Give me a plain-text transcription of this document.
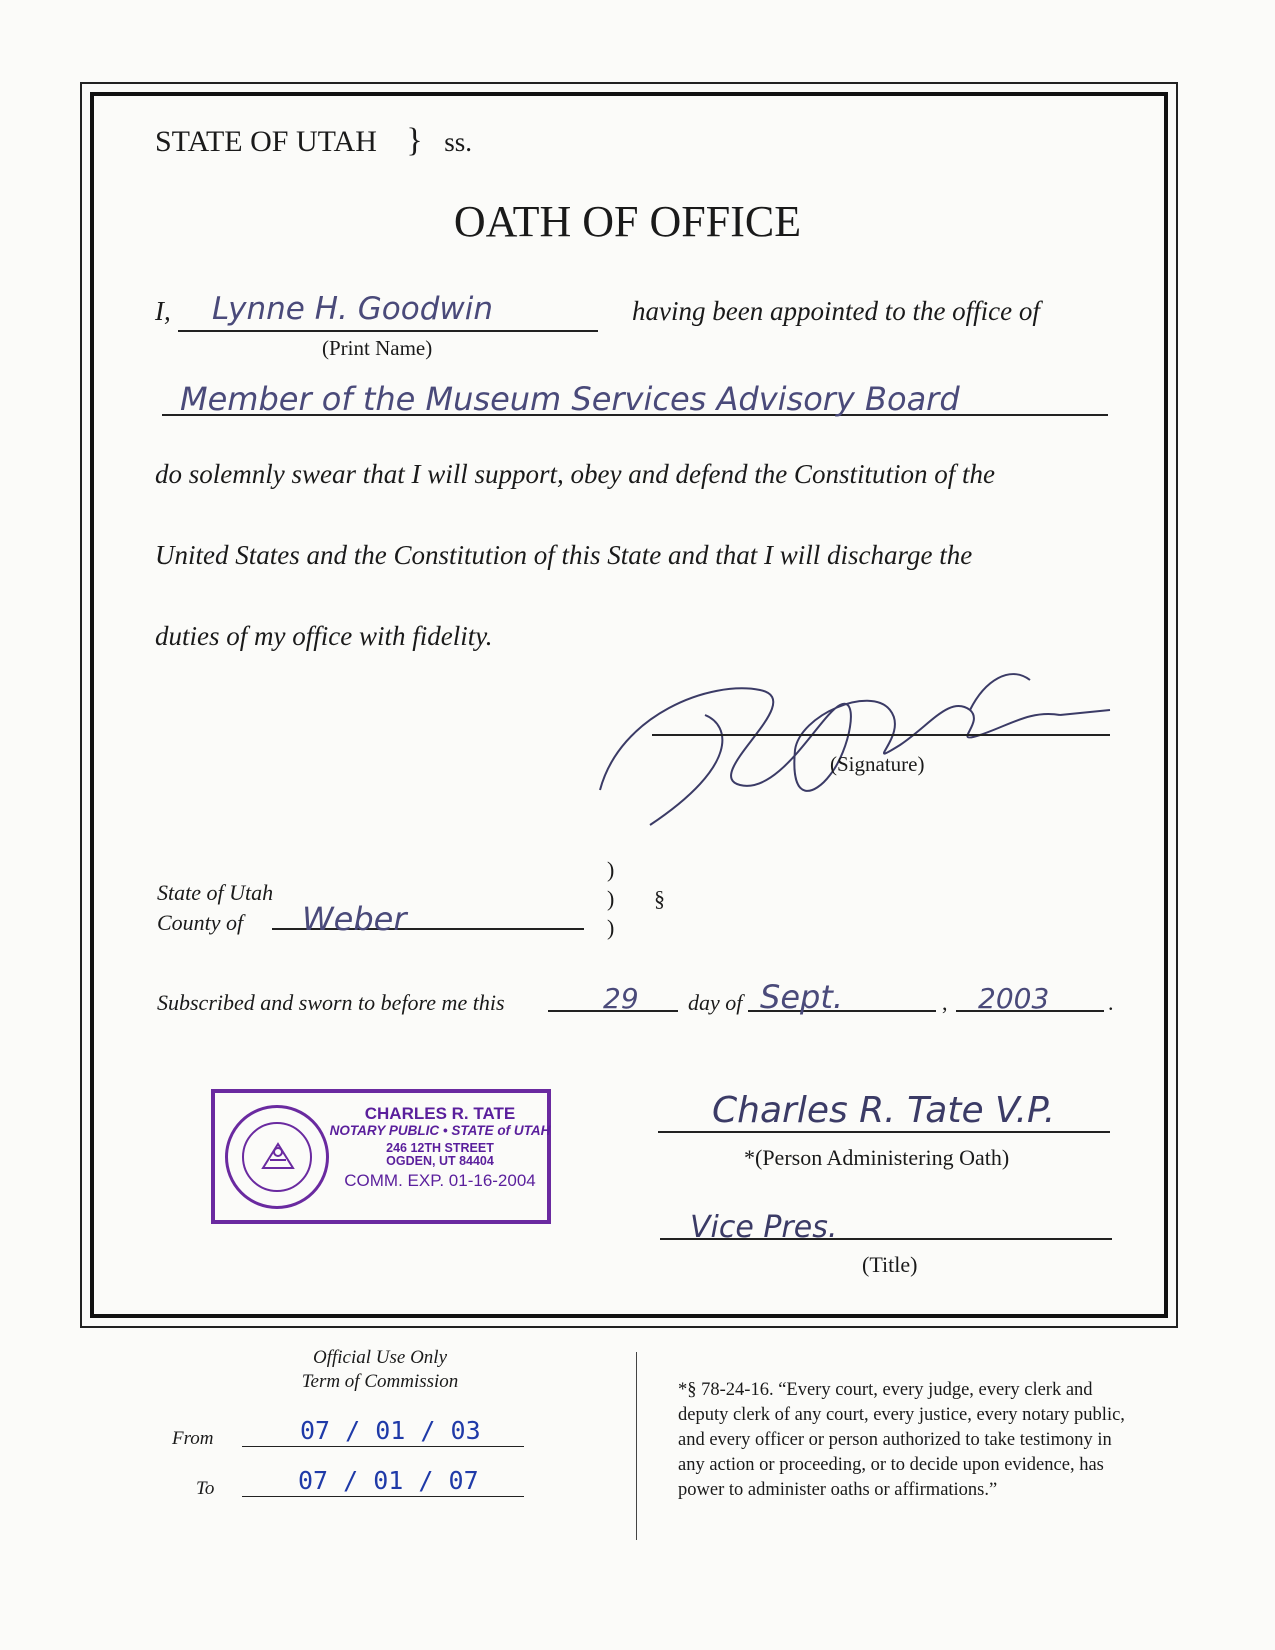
STATE OF UTAH } ss.
OATH OF OFFICE
I, Lynne H. Goodwin
(Print Name)
having been appointed to the office of
Member of the Museum Services Advisory Board
do solemnly swear that I will support, obey and defend the Constitution of the
United States and the Constitution of this State and that I will discharge the
duties of my office with fidelity.
(Signature)
State of Utah
County of Weber
)
)
)
§
Subscribed and sworn to before me this	29 day of Sept.	, 2003	.
CHARLES R. TATE
NOTARY PUBLIC • STATE of UTAH
246 12TH STREET
OGDEN, UT 84404
COMM. EXP. 01-16-2004
Charles R. Tate V.P.
*(Person Administering Oath)
Vice Pres.
(Title)
Official Use Only
Term of Commission
From	07 / 01 / 03
To	07 / 01 / 07
*§ 78-24-16. “Every court, every judge, every clerk and
deputy clerk of any court, every justice, every notary public,
and every officer or person authorized to take testimony in
any action or proceeding, or to decide upon evidence, has
power to administer oaths or affirmations.”
